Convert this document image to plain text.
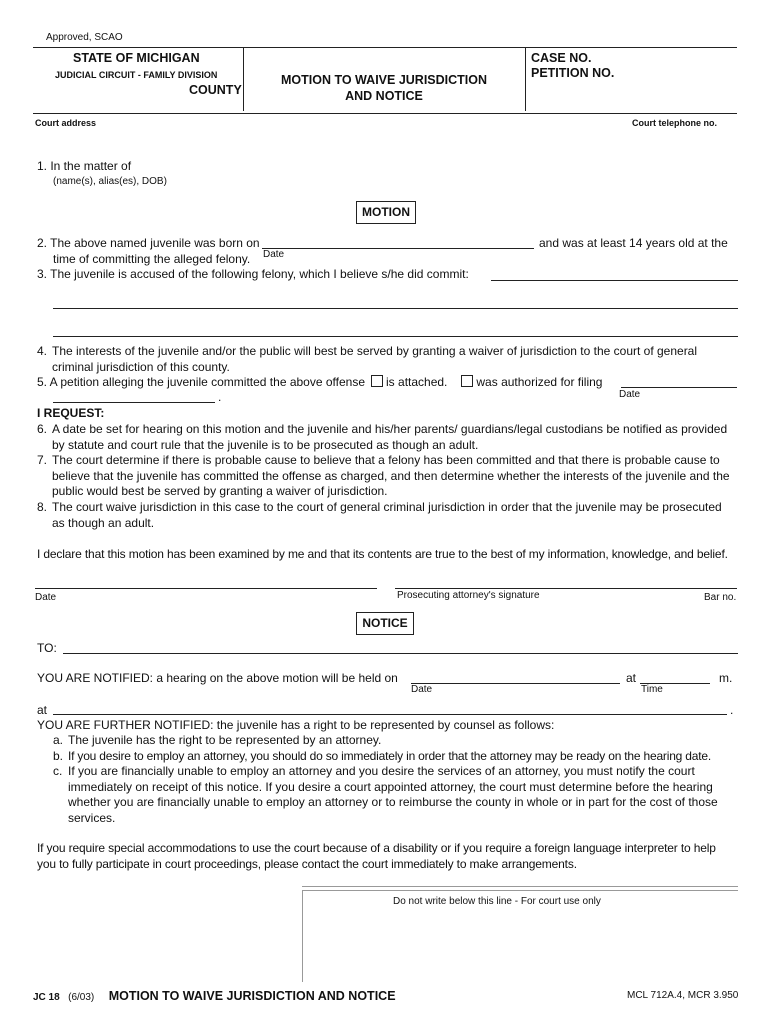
Approved, SCAO
STATE OF MICHIGAN
JUDICIAL CIRCUIT - FAMILY DIVISION
COUNTY
MOTION TO WAIVE JURISDICTION
AND NOTICE
CASE NO.
PETITION NO.
Court address	Court telephone no.
1. In the matter of
(name(s), alias(es), DOB)
MOTION
2. The above named juvenile was born on	and was at least 14 years old at the
time of committing the alleged felony. Date
3. The juvenile is accused of the following felony, which I believe s/he did commit:
4. The interests of the juvenile and/or the public will best be served by granting a waiver of jurisdiction to the court of general
criminal jurisdiction of this county.
5. A petition alleging the juvenile committed the above offense is attached. was authorized for filing
Date
.
I REQUEST:
6. A date be set for hearing on this motion and the juvenile and his/her parents/ guardians/legal custodians be notified as provided
by statute and court rule that the juvenile is to be prosecuted as though an adult.
7. The court determine if there is probable cause to believe that a felony has been committed and that there is probable cause to
believe that the juvenile has committed the offense as charged, and then determine whether the interests of the juvenile and the
public would best be served by granting a waiver of jurisdiction.
8. The court waive jurisdiction in this case to the court of general criminal jurisdiction in order that the juvenile may be prosecuted
as though an adult.
I declare that this motion has been examined by me and that its contents are true to the best of my information, knowledge, and belief.
Date	Prosecuting attorney's signature	Bar no.
NOTICE
TO:
YOU ARE NOTIFIED: a hearing on the above motion will be held on	at	m.
Date	Time
at	.
YOU ARE FURTHER NOTIFIED: the juvenile has a right to be represented by counsel as follows:
a. The juvenile has the right to be represented by an attorney.
b. If you desire to employ an attorney, you should do so immediately in order that the attorney may be ready on the hearing date.
c. If you are financially unable to employ an attorney and you desire the services of an attorney, you must notify the court
immediately on receipt of this notice. If you desire a court appointed attorney, the court must determine before the hearing
whether you are financially unable to employ an attorney or to reimburse the county in whole or in part for the cost of those
services.
If you require special accommodations to use the court because of a disability or if you require a foreign language interpreter to help
you to fully participate in court proceedings, please contact the court immediately to make arrangements.
Do not write below this line - For court use only
JC 18 (6/03) MOTION TO WAIVE JURISDICTION AND NOTICE	MCL 712A.4, MCR 3.950
